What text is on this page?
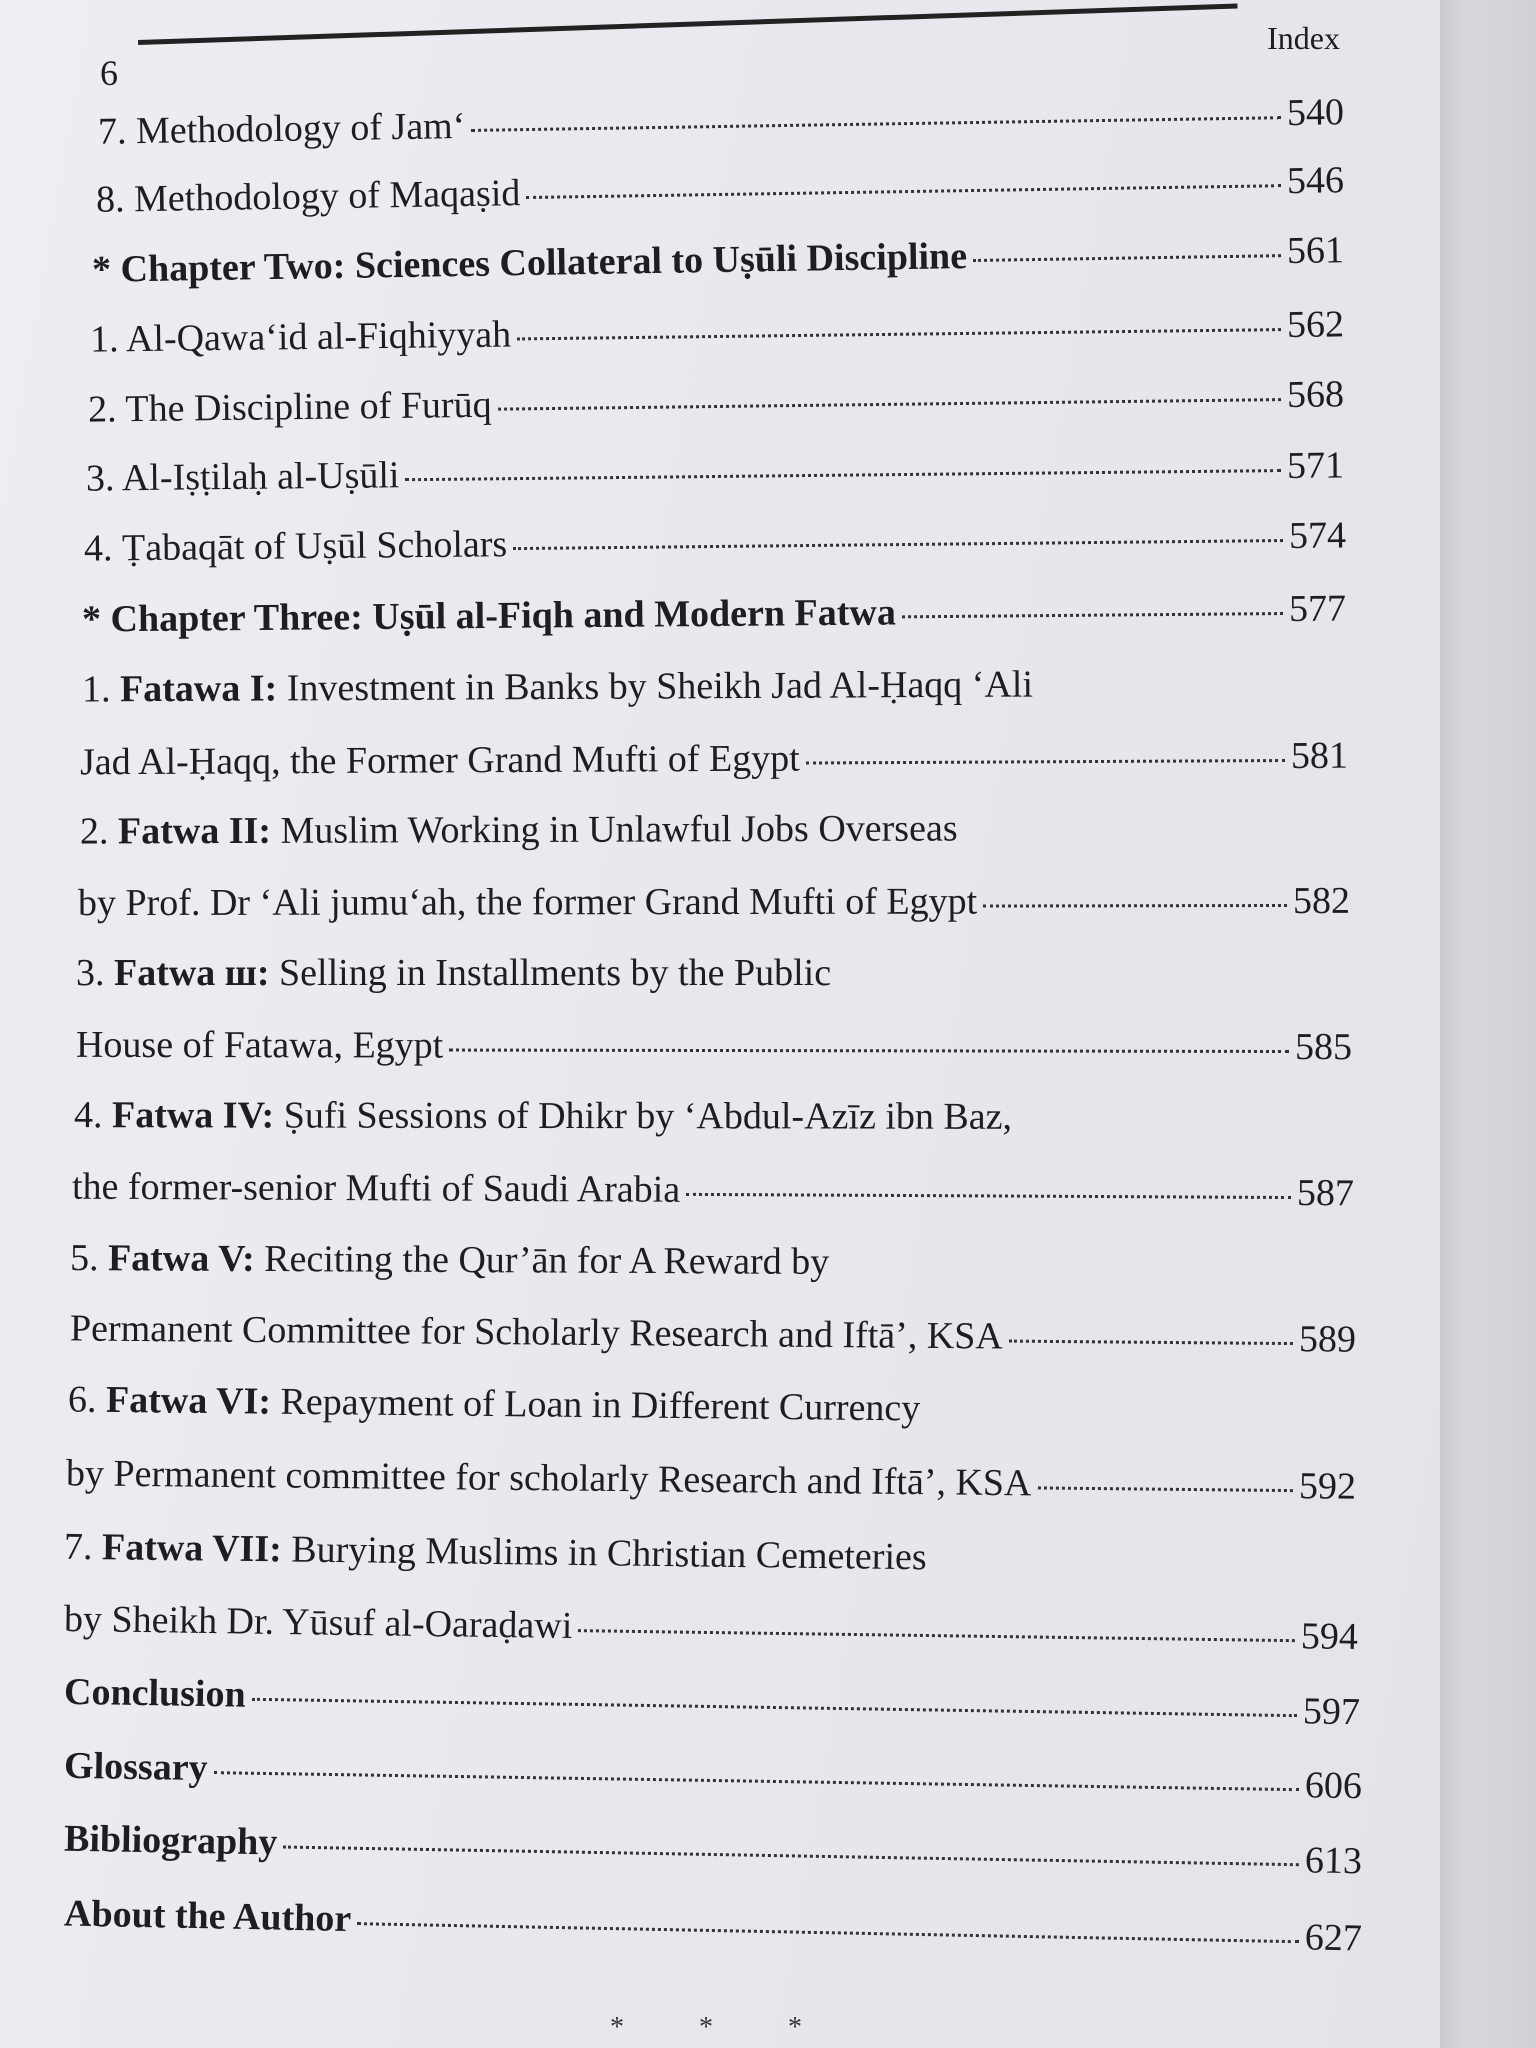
Index
6
7. Methodology of Jam‘	540
8. Methodology of Maqaṣid	546
* Chapter Two: Sciences Collateral to Uṣūli Discipline	561
1. Al-Qawa‘id al-Fiqhiyyah	562
2. The Discipline of Furūq	568
3. Al-Iṣṭilaḥ al-Uṣūli	571
4. Ṭabaqāt of Uṣūl Scholars	574
* Chapter Three: Uṣūl al-Fiqh and Modern Fatwa	577
1. Fatawa I: Investment in Banks by Sheikh Jad Al-Ḥaqq ‘Ali
Jad Al-Ḥaqq, the Former Grand Mufti of Egypt	581
2. Fatwa II: Muslim Working in Unlawful Jobs Overseas
by Prof. Dr ‘Ali jumu‘ah, the former Grand Mufti of Egypt	582
3. Fatwa ш: Selling in Installments by the Public
House of Fatawa, Egypt	585
4. Fatwa IV: Ṣufi Sessions of Dhikr by ‘Abdul-Azīz ibn Baz,
the former-senior Mufti of Saudi Arabia	587
5. Fatwa V: Reciting the Qur’ān for A Reward by
Permanent Committee for Scholarly Research and Iftā’, KSA	589
6. Fatwa VI: Repayment of Loan in Different Currency
by Permanent committee for scholarly Research and Iftā’, KSA	592
7. Fatwa VII: Burying Muslims in Christian Cemeteries
by Sheikh Dr. Yūsuf al-Oaraḍawi	594
Conclusion	597
Glossary	606
Bibliography	613
About the Author	627
* * *
